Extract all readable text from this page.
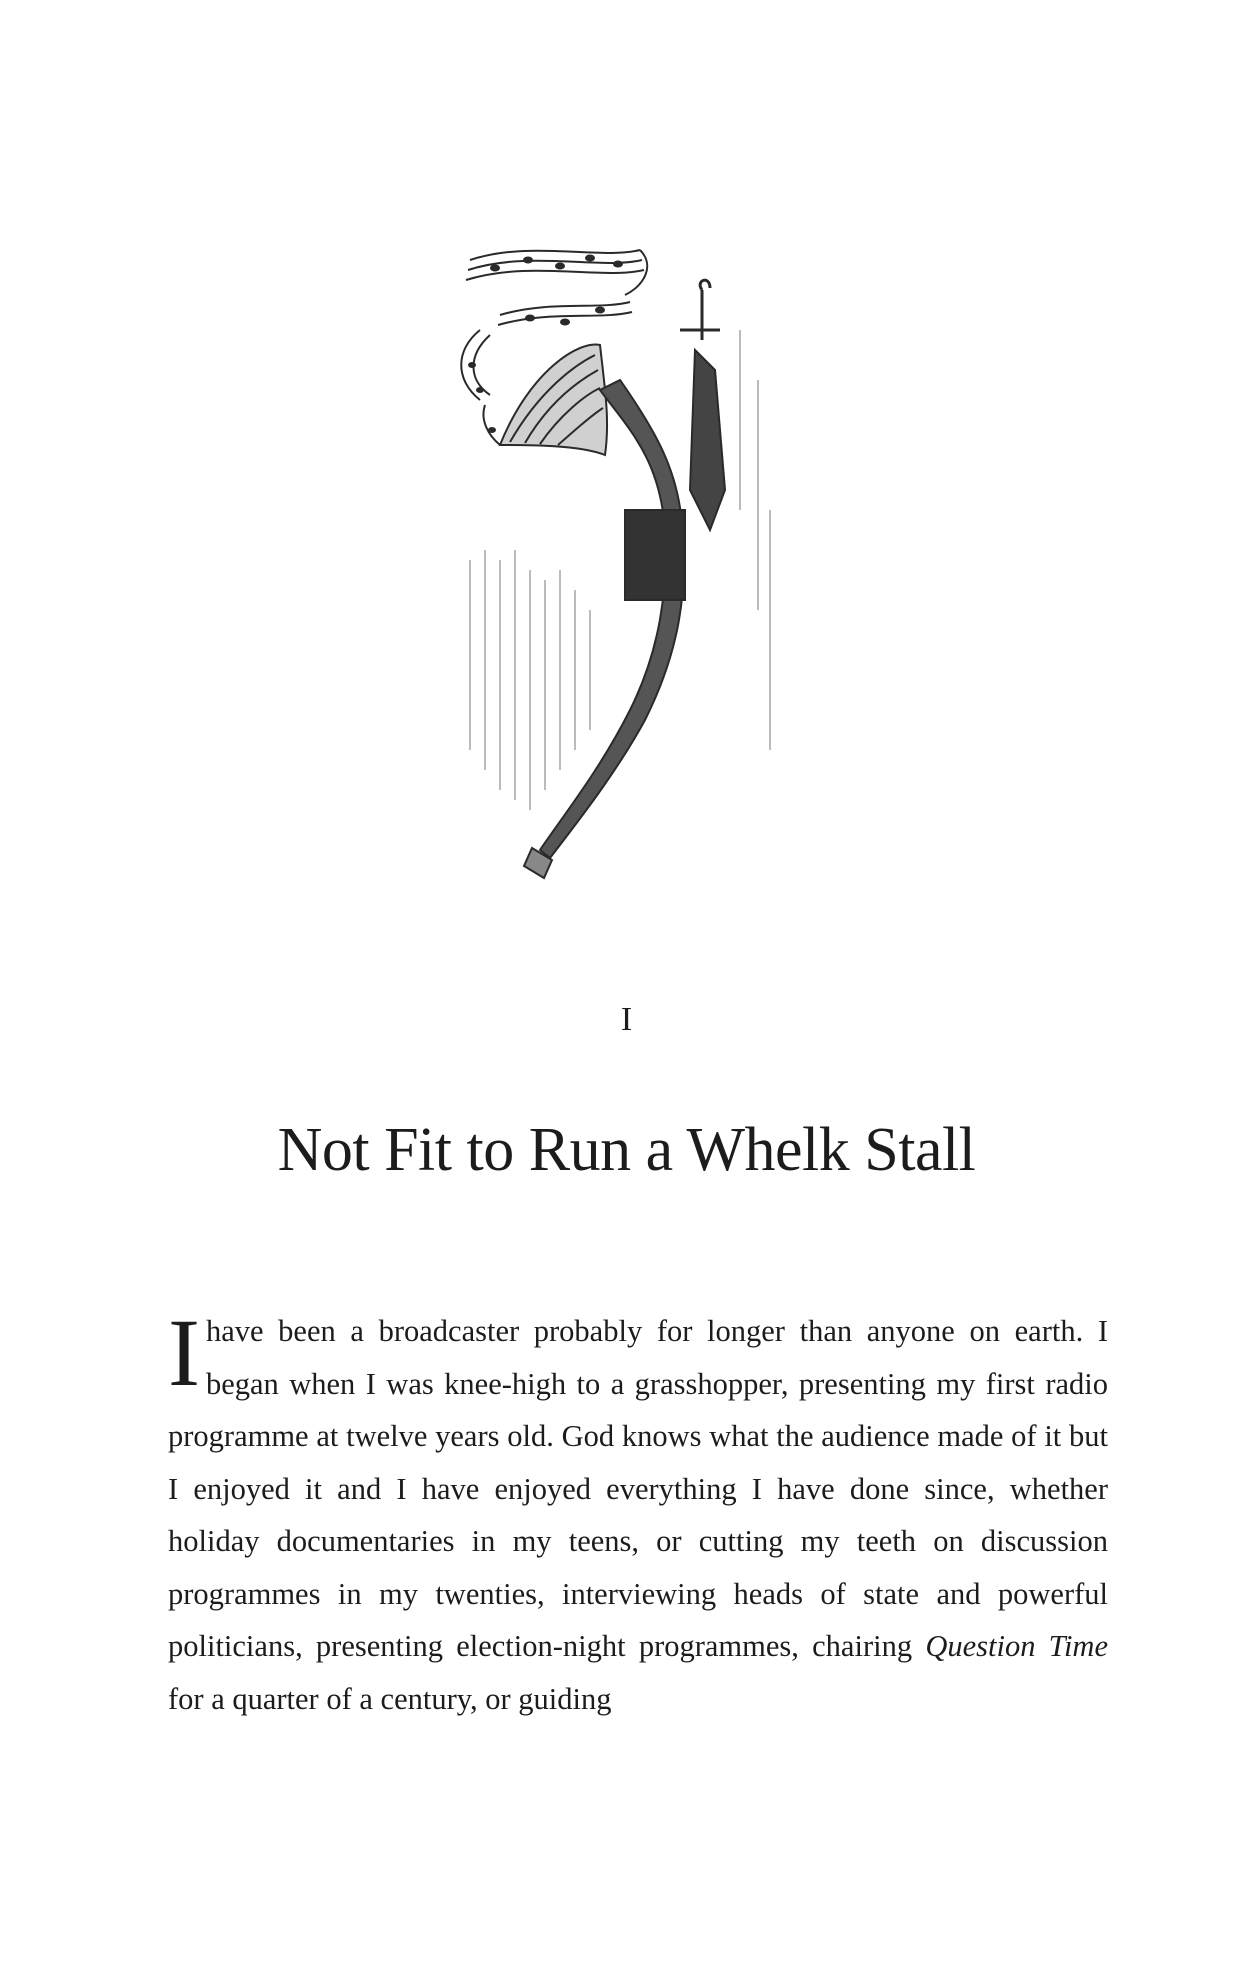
I
Not Fit to Run a Whelk Stall
Ihave been a broadcaster probably for longer than anyone on earth. I began when I was knee-high to a grasshopper, presenting my first radio programme at twelve years old. God knows what the audience made of it but I enjoyed it and I have enjoyed everything I have done since, whether holiday documentaries in my teens, or cutting my teeth on discussion programmes in my twenties, interviewing heads of state and powerful politicians, presenting election-night programmes, chairing Question Time for a quarter of a century, or guiding
